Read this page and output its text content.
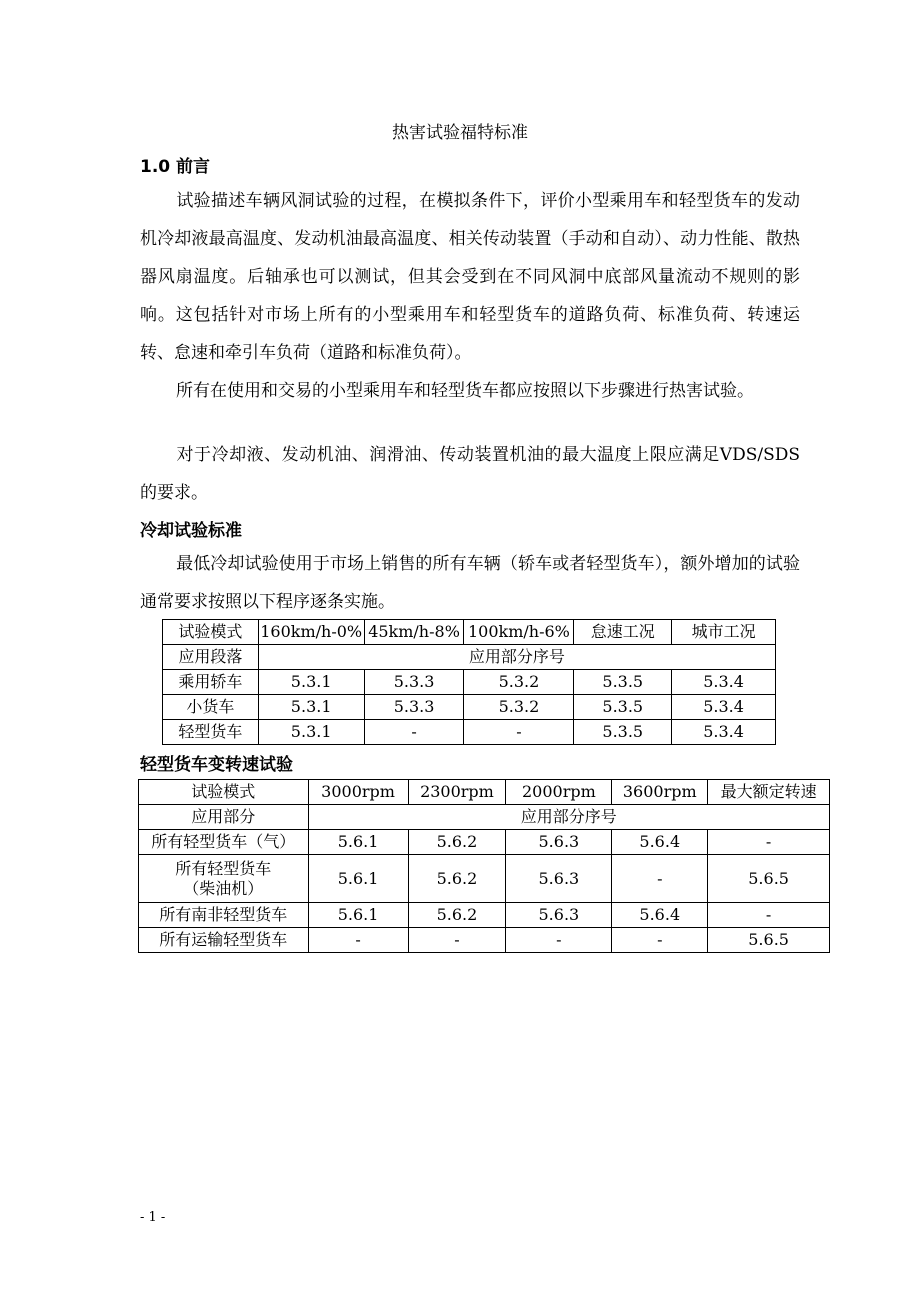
热害试验福特标准
1.0 前言
试验描述车辆风洞试验的过程，在模拟条件下，评价小型乘用车和轻型货车的发动机冷却液最高温度、发动机油最高温度、相关传动装置（手动和自动）、动力性能、散热器风扇温度。后轴承也可以测试，但其会受到在不同风洞中底部风量流动不规则的影响。这包括针对市场上所有的小型乘用车和轻型货车的道路负荷、标准负荷、转速运转、怠速和牵引车负荷（道路和标准负荷）。
所有在使用和交易的小型乘用车和轻型货车都应按照以下步骤进行热害试验。
对于冷却液、发动机油、润滑油、传动装置机油的最大温度上限应满足VDS/SDS的要求。
冷却试验标准
最低冷却试验使用于市场上销售的所有车辆（轿车或者轻型货车），额外增加的试验通常要求按照以下程序逐条实施。
试验模式	160km/h-0%	45km/h-8%	100km/h-6%	怠速工况	城市工况
应用段落	应用部分序号				
乘用轿车	5.3.1	5.3.3	5.3.2	5.3.5	5.3.4
小货车	5.3.1	5.3.3	5.3.2	5.3.5	5.3.4
轻型货车	5.3.1	-	-	5.3.5	5.3.4
轻型货车变转速试验
试验模式	3000rpm	2300rpm	2000rpm	3600rpm	最大额定转速
应用部分	应用部分序号				
所有轻型货车（气）	5.6.1	5.6.2	5.6.3	5.6.4	-

所有轻型货车
（柴油机）	5.6.1	5.6.2	5.6.3	-	5.6.5
所有南非轻型货车	5.6.1	5.6.2	5.6.3	5.6.4	-
所有运输轻型货车	-	-	-	-	5.6.5
- 1 -
